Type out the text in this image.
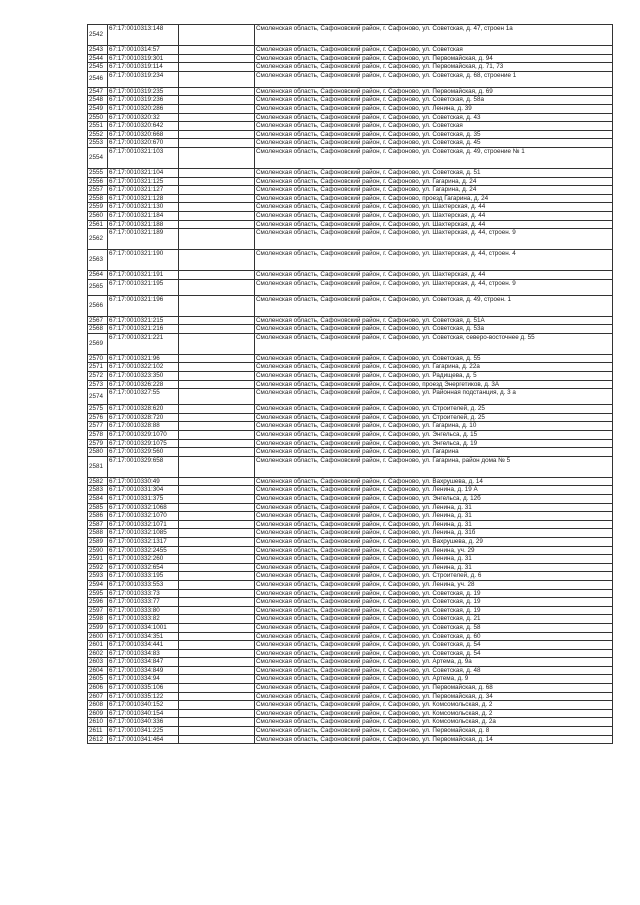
2542	67:17:0010313:148		Смоленская область, Сафоновский район, г. Сафоново, ул. Советская, д. 47, строен 1а
2543	67:17:0010314:57		Смоленская область, Сафоновский район, г. Сафоново, ул. Советская
2544	67:17:0010319:301		Смоленская область, Сафоновский район, г. Сафоново, ул. Первомайская, д. 94
2545	67:17:0010319:114		Смоленская область, Сафоновский район, г. Сафоново, ул. Первомайская, д. 71, 73
2546	67:17:0010319:234		Смоленская область, Сафоновский район, г. Сафоново, ул. Советская, д. 68, строение 1
2547	67:17:0010319:235		Смоленская область, Сафоновский район, г. Сафоново, ул. Первомайская, д. 69
2548	67:17:0010319:236		Смоленская область, Сафоновский район, г. Сафоново, ул. Советская, д. 58а
2549	67:17:0010320:286		Смоленская область, Сафоновский район, г. Сафоново, ул. Ленина, д. 39
2550	67:17:0010320:32		Смоленская область, Сафоновский район, г. Сафоново, ул. Советская, д. 43
2551	67:17:0010320:642		Смоленская область, Сафоновский район, г. Сафоново, ул. Советская
2552	67:17:0010320:668		Смоленская область, Сафоновский район, г. Сафоново, ул. Советская, д. 35
2553	67:17:0010320:670		Смоленская область, Сафоновский район, г. Сафоново, ул. Советская, д. 45
2554	67:17:0010321:103		Смоленская область, Сафоновский район, г. Сафоново, ул. Советская, д. 49, строение № 1
2555	67:17:0010321:104		Смоленская область, Сафоновский район, г. Сафоново, ул. Советская, д. 51
2556	67:17:0010321:125		Смоленская область, Сафоновский район, г. Сафоново, ул. Гагарина, д. 24
2557	67:17:0010321:127		Смоленская область, Сафоновский район, г. Сафоново, ул. Гагарина, д. 24
2558	67:17:0010321:128		Смоленская область, Сафоновский район, г. Сафоново, проезд Гагарина, д. 24
2559	67:17:0010321:130		Смоленская область, Сафоновский район, г. Сафоново, ул. Шахтерская, д. 44
2560	67:17:0010321:184		Смоленская область, Сафоновский район, г. Сафоново, ул. Шахтерская, д. 44
2561	67:17:0010321:188		Смоленская область, Сафоновский район, г. Сафоново, ул. Шахтерская, д. 44
2562	67:17:0010321:189		Смоленская область, Сафоновский район, г. Сафоново, ул. Шахтерская, д. 44, строен. 9
2563	67:17:0010321:190		Смоленская область, Сафоновский район, г. Сафоново, ул. Шахтерская, д. 44, строен. 4
2564	67:17:0010321:191		Смоленская область, Сафоновский район, г. Сафоново, ул. Шахтерская, д. 44
2565	67:17:0010321:195		Смоленская область, Сафоновский район, г. Сафоново, ул. Шахтерская, д. 44, строен. 9
2566	67:17:0010321:196		Смоленская область, Сафоновский район, г. Сафоново, ул. Советская, д. 49, строен. 1
2567	67:17:0010321:215		Смоленская область, Сафоновский район, г. Сафоново, ул. Советская, д. 51А
2568	67:17:0010321:216		Смоленская область, Сафоновский район, г. Сафоново, ул. Советская, д. 53а
2569	67:17:0010321:221		Смоленская область, Сафоновский район, г. Сафоново, ул. Советская, северо-восточнее д. 55
2570	67:17:0010321:96		Смоленская область, Сафоновский район, г. Сафоново, ул. Советская, д. 55
2571	67:17:0010322:102		Смоленская область, Сафоновский район, г. Сафоново, ул. Гагарина, д. 22а
2572	67:17:0010323:350		Смоленская область, Сафоновский район, г. Сафоново, ул. Радищева, д. 5
2573	67:17:0010326:228		Смоленская область, Сафоновский район, г. Сафоново, проезд Энергетиков, д. 3А
2574	67:17:0010327:55		Смоленская область, Сафоновский район, г. Сафоново, ул. Районная подстанция, д. 3 а
2575	67:17:0010328:620		Смоленская область, Сафоновский район, г. Сафоново, ул. Строителей, д. 25
2576	67:17:0010328:720		Смоленская область, Сафоновский район, г. Сафоново, ул. Строителей, д. 25
2577	67:17:0010328:88		Смоленская область, Сафоновский район, г. Сафоново, ул. Гагарина, д. 10
2578	67:17:0010329:1070		Смоленская область, Сафоновский район, г. Сафоново, ул. Энгельса, д. 15
2579	67:17:0010329:1075		Смоленская область, Сафоновский район, г. Сафоново, ул. Энгельса, д. 19
2580	67:17:0010329:560		Смоленская область, Сафоновский район, г. Сафоново, ул. Гагарина
2581	67:17:0010329:658		Смоленская область, Сафоновский район, г. Сафоново, ул. Гагарина, район дома № 5
2582	67:17:0010330:49		Смоленская область, Сафоновский район, г. Сафоново, ул. Вахрушева, д. 14
2583	67:17:0010331:304		Смоленская область, Сафоновский район, г. Сафоново, ул. Ленина, д. 19 А
2584	67:17:0010331:375		Смоленская область, Сафоновский район, г. Сафоново, ул. Энгельса, д. 12б
2585	67:17:0010332:1068		Смоленская область, Сафоновский район, г. Сафоново, ул. Ленина, д. 31
2586	67:17:0010332:1070		Смоленская область, Сафоновский район, г. Сафоново, ул. Ленина, д. 31
2587	67:17:0010332:1071		Смоленская область, Сафоновский район, г. Сафоново, ул. Ленина, д. 31
2588	67:17:0010332:1085		Смоленская область, Сафоновский район, г. Сафоново, ул. Ленина, д. 31б
2589	67:17:0010332:1317		Смоленская область, Сафоновский район, г. Сафоново, ул. Вахрушева, д. 29
2590	67:17:0010332:2455		Смоленская область, Сафоновский район, г. Сафоново, ул. Ленина, уч. 29
2591	67:17:0010332:260		Смоленская область, Сафоновский район, г. Сафоново, ул. Ленина, д. 31
2592	67:17:0010332:654		Смоленская область, Сафоновский район, г. Сафоново, ул. Ленина, д. 31
2593	67:17:0010333:195		Смоленская область, Сафоновский район, г. Сафоново, ул. Строителей, д. 6
2594	67:17:0010333:553		Смоленская область, Сафоновский район, г. Сафоново, ул. Ленина, уч. 28
2595	67:17:0010333:73		Смоленская область, Сафоновский район, г. Сафоново, ул. Советская, д. 19
2596	67:17:0010333:77		Смоленская область, Сафоновский район, г. Сафоново, ул. Советская, д. 19
2597	67:17:0010333:80		Смоленская область, Сафоновский район, г. Сафоново, ул. Советская, д. 19
2598	67:17:0010333:82		Смоленская область, Сафоновский район, г. Сафоново, ул. Советская, д. 21
2599	67:17:0010334:1001		Смоленская область, Сафоновский район, г. Сафоново, ул. Советская, д. 58
2600	67:17:0010334:351		Смоленская область, Сафоновский район, г. Сафоново, ул. Советская, д. 60
2601	67:17:0010334:441		Смоленская область, Сафоновский район, г. Сафоново, ул. Советская, д. 54
2602	67:17:0010334:83		Смоленская область, Сафоновский район, г. Сафоново, ул. Советская, д. 54
2603	67:17:0010334:847		Смоленская область, Сафоновский район, г. Сафоново, ул. Артема, д. 9а
2604	67:17:0010334:849		Смоленская область, Сафоновский район, г. Сафоново, ул. Советская, д. 48
2605	67:17:0010334:94		Смоленская область, Сафоновский район, г. Сафоново, ул. Артема, д. 9
2606	67:17:0010335:106		Смоленская область, Сафоновский район, г. Сафоново, ул. Первомайская, д. 68
2607	67:17:0010335:122		Смоленская область, Сафоновский район, г. Сафоново, ул. Первомайская, д. 34
2608	67:17:0010340:152		Смоленская область, Сафоновский район, г. Сафоново, ул. Комсомольская, д. 2
2609	67:17:0010340:154		Смоленская область, Сафоновский район, г. Сафоново, ул. Комсомольская, д. 2
2610	67:17:0010340:336		Смоленская область, Сафоновский район, г. Сафоново, ул. Комсомольская, д. 2а
2611	67:17:0010341:225		Смоленская область, Сафоновский район, г. Сафоново, ул. Первомайская, д. 8
2612	67:17:0010341:464		Смоленская область, Сафоновский район, г. Сафоново, ул. Первомайская, д. 14
